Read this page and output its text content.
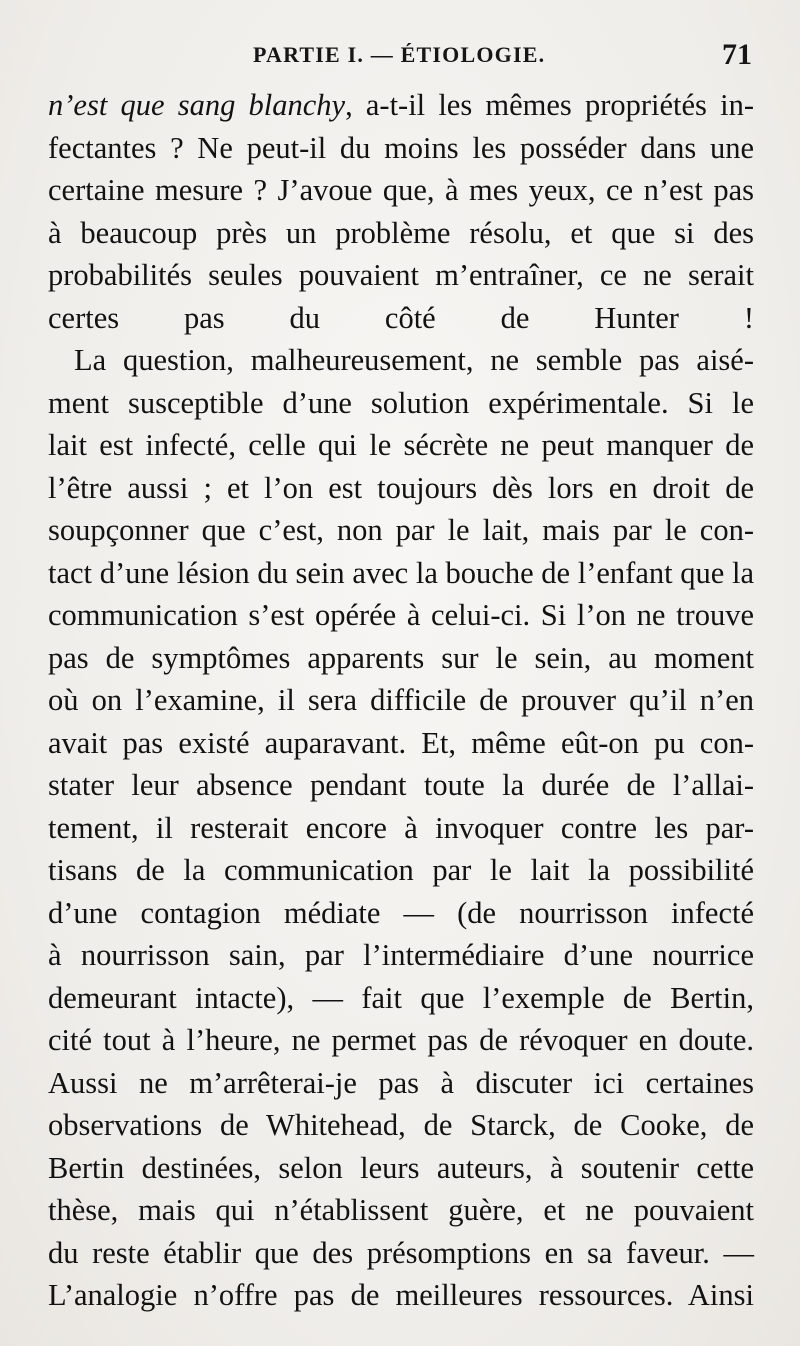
PARTIE I. — ÉTIOLOGIE.	71
n’est que sang blanchy, a-t-il les mêmes propriétés in-
fectantes ? Ne peut-il du moins les posséder dans une
certaine mesure ? J’avoue que, à mes yeux, ce n’est pas
à beaucoup près un problème résolu, et que si des
probabilités seules pouvaient m’entraîner, ce ne serait
certes pas du côté de Hunter !
La question, malheureusement, ne semble pas aisé-
ment susceptible d’une solution expérimentale. Si le
lait est infecté, celle qui le sécrète ne peut manquer de
l’être aussi ; et l’on est toujours dès lors en droit de
soupçonner que c’est, non par le lait, mais par le con-
tact d’une lésion du sein avec la bouche de l’enfant que la
communication s’est opérée à celui-ci. Si l’on ne trouve
pas de symptômes apparents sur le sein, au moment
où on l’examine, il sera difficile de prouver qu’il n’en
avait pas existé auparavant. Et, même eût-on pu con-
stater leur absence pendant toute la durée de l’allai-
tement, il resterait encore à invoquer contre les par-
tisans de la communication par le lait la possibilité
d’une contagion médiate — (de nourrisson infecté
à nourrisson sain, par l’intermédiaire d’une nourrice
demeurant intacte), — fait que l’exemple de Bertin,
cité tout à l’heure, ne permet pas de révoquer en doute.
Aussi ne m’arrêterai-je pas à discuter ici certaines
observations de Whitehead, de Starck, de Cooke, de
Bertin destinées, selon leurs auteurs, à soutenir cette
thèse, mais qui n’établissent guère, et ne pouvaient
du reste établir que des présomptions en sa faveur. —
L’analogie n’offre pas de meilleures ressources. Ainsi
